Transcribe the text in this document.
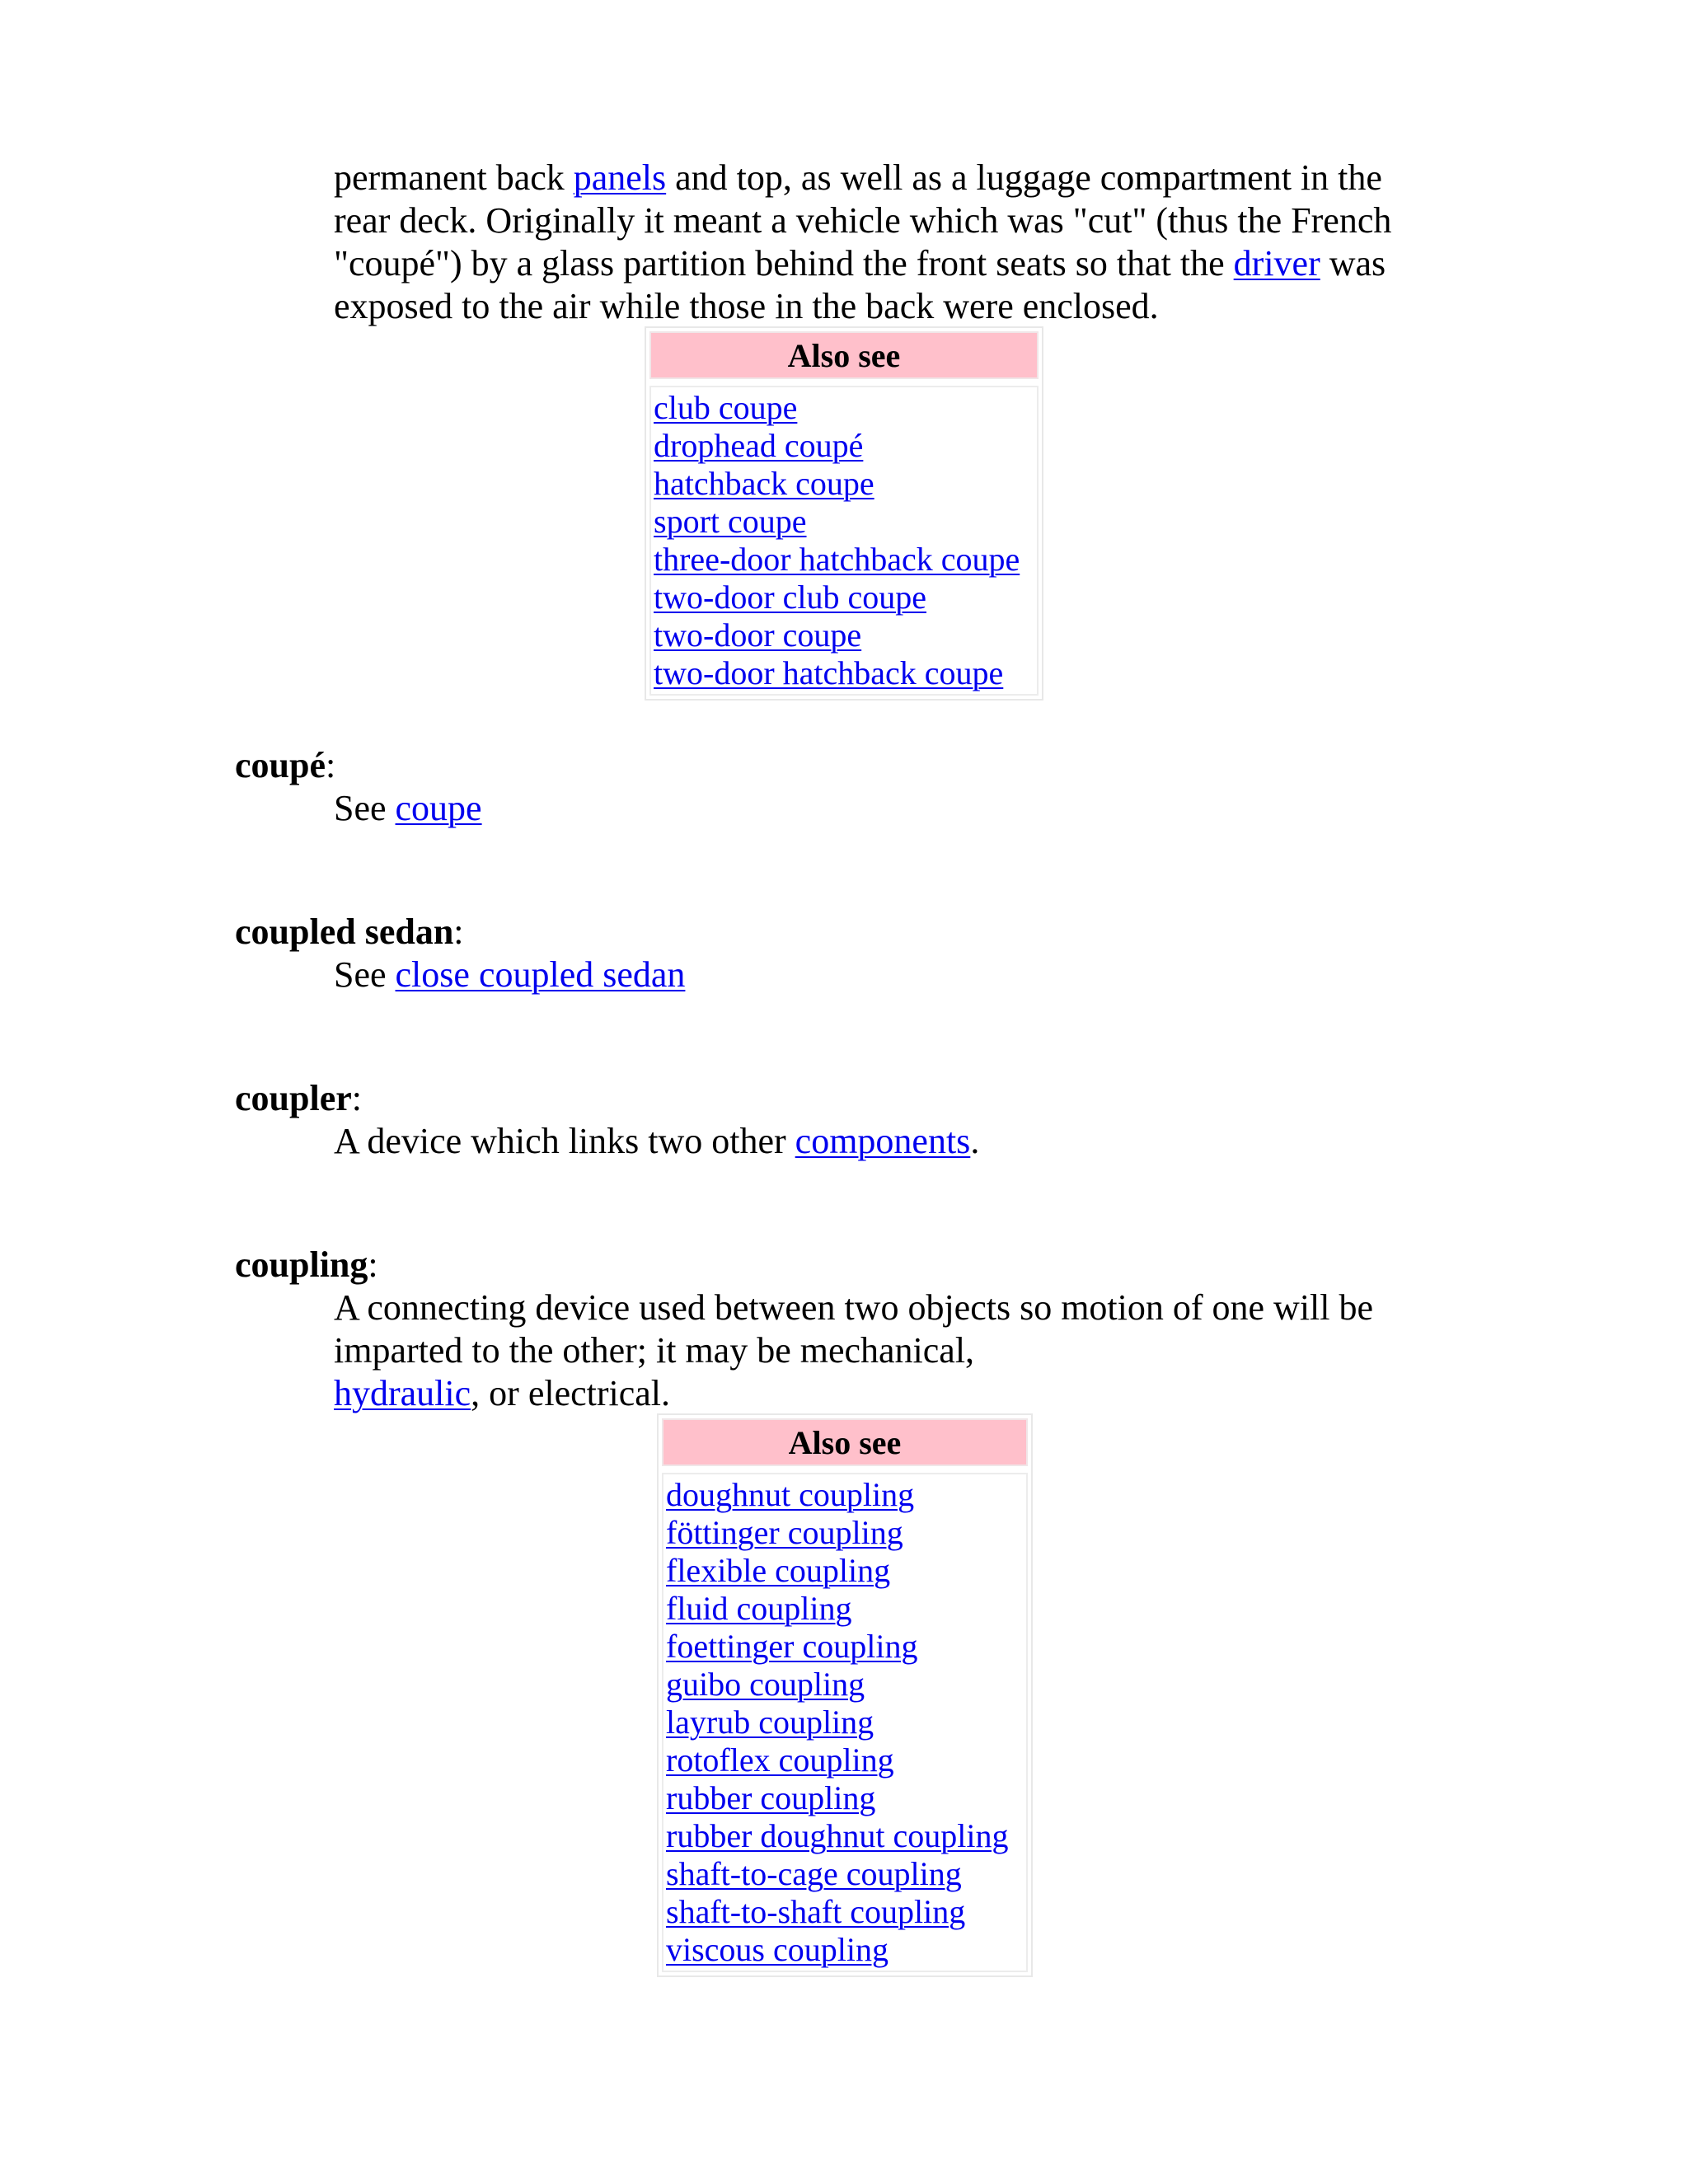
permanent back panels and top, as well as a luggage compartment in the
rear deck. Originally it meant a vehicle which was "cut" (thus the French
"coupé") by a glass partition behind the front seats so that the driver was
exposed to the air while those in the back were enclosed.
Also see
club coupe
drophead coupé
hatchback coupe
sport coupe
three-door hatchback coupe
two-door club coupe
two-door coupe
two-door hatchback coupe
coupé:
See coupe
coupled sedan:
See close coupled sedan
coupler:
A device which links two other components.
coupling:
A connecting device used between two objects so motion of one will be
imparted to the other; it may be mechanical,
hydraulic, or electrical.
Also see
doughnut coupling
föttinger coupling
flexible coupling
fluid coupling
foettinger coupling
guibo coupling
layrub coupling
rotoflex coupling
rubber coupling
rubber doughnut coupling
shaft-to-cage coupling
shaft-to-shaft coupling
viscous coupling
